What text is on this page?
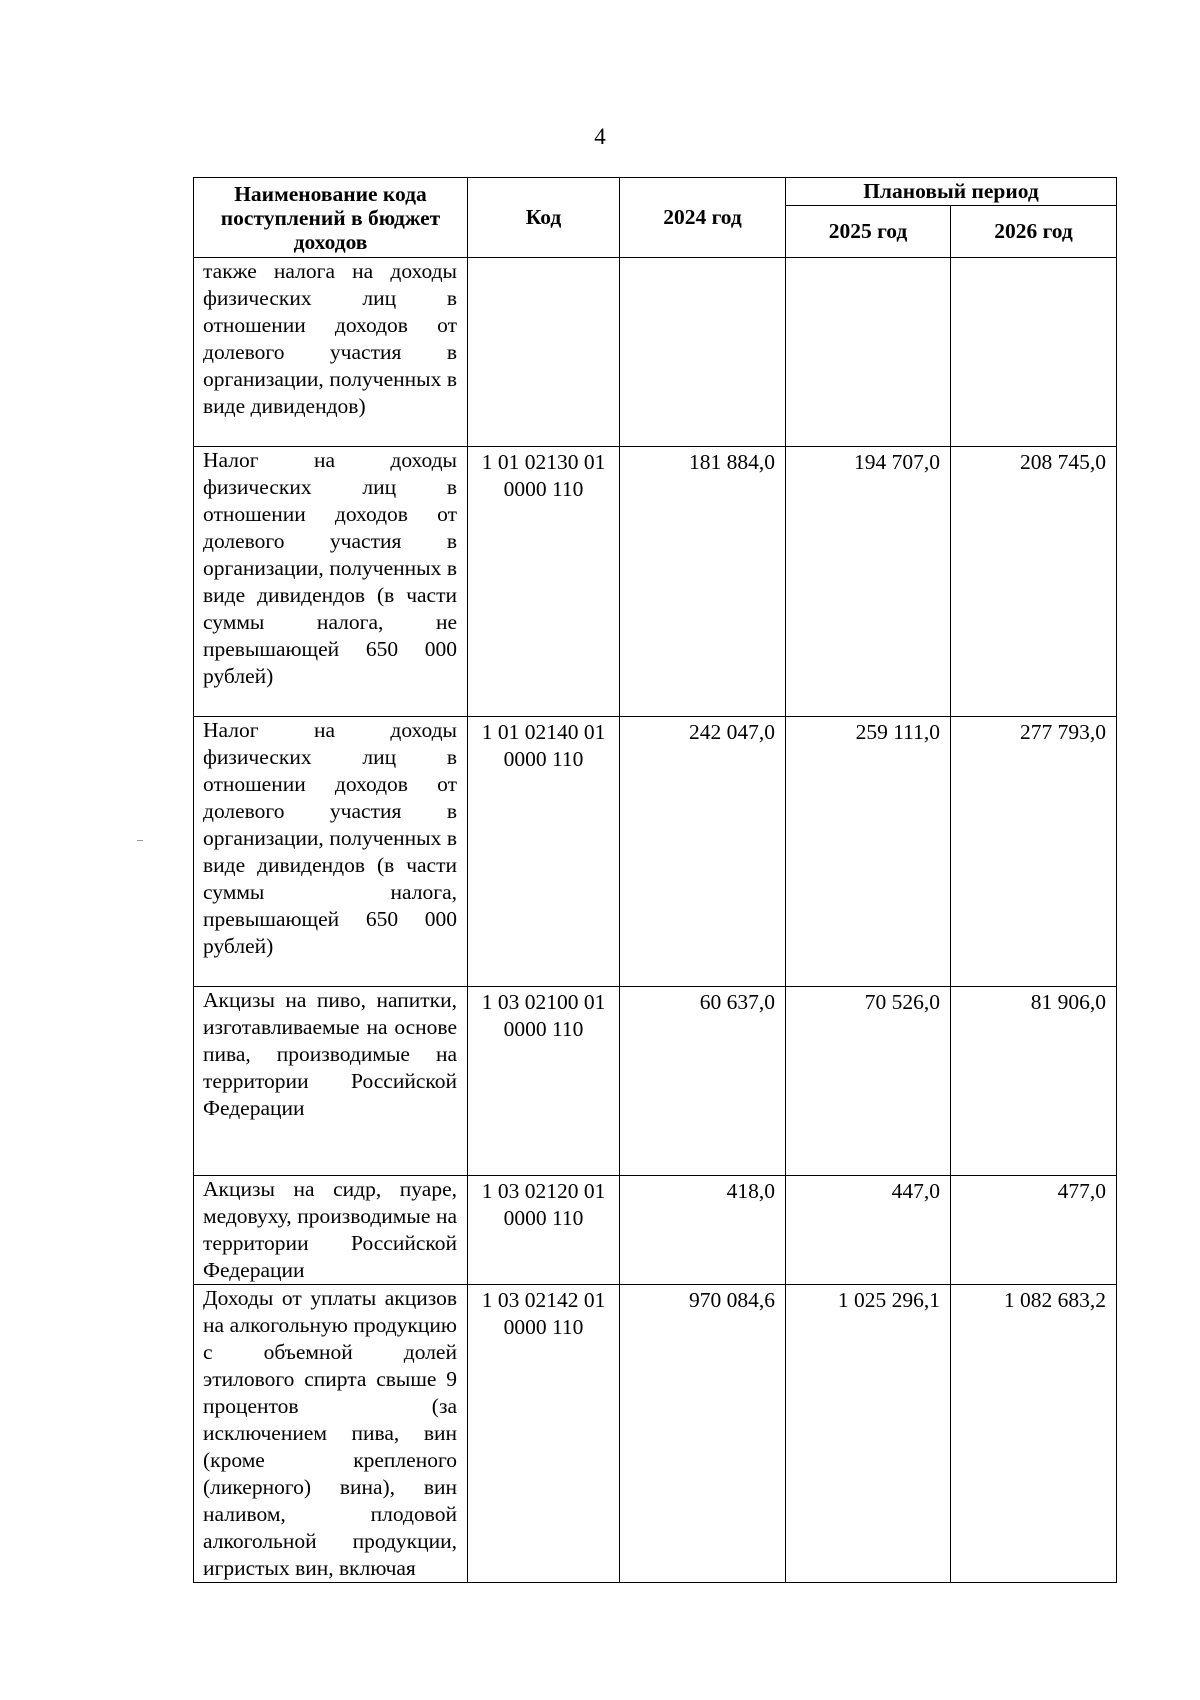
4
Наименование кода поступлений в бюджет доходов	Код	2024 год	Плановый период	
			2025 год	2026 год
также налога на доходы физических лиц в отношении доходов от долевого участия в организации, полученных в виде дивидендов)				
Налог на доходы физических лиц в отношении доходов от долевого участия в организации, полученных в виде дивидендов (в части суммы налога, не превышающей 650 000 рублей)	1 01 02130 01 0000 110	181 884,0	194 707,0	208 745,0
Налог на доходы физических лиц в отношении доходов от долевого участия в организации, полученных в виде дивидендов (в части суммы налога, превышающей 650 000 рублей)	1 01 02140 01 0000 110	242 047,0	259 111,0	277 793,0
Акцизы на пиво, напитки, изготавливаемые на основе пива, производимые на территории Российской Федерации	1 03 02100 01 0000 110	60 637,0	70 526,0	81 906,0
Акцизы на сидр, пуаре, медовуху, производимые на территории Российской Федерации	1 03 02120 01 0000 110	418,0	447,0	477,0
Доходы от уплаты акцизов на алкогольную продукцию с объемной долей этилового спирта свыше 9 процентов (за исключением пива, вин (кроме крепленого (ликерного) вина), вин наливом, плодовой алкогольной продукции, игристых вин, включая	1 03 02142 01 0000 110	970 084,6	1 025 296,1	1 082 683,2
